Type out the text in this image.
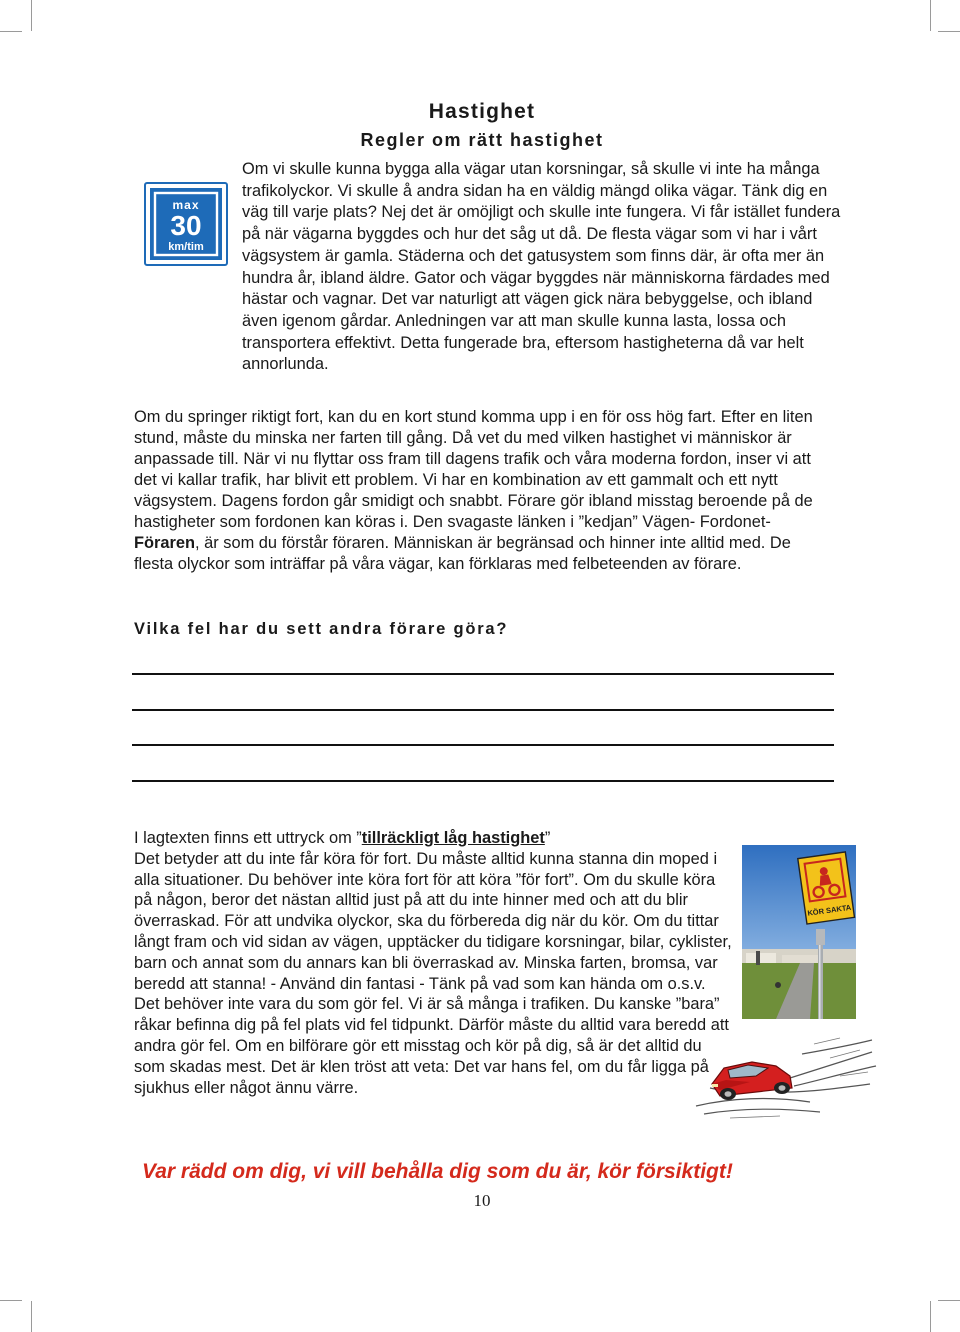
Hastighet
Regler om rätt hastighet
max
30
km/tim

Om vi skulle kunna bygga alla vägar utan korsningar, så skulle vi inte ha många trafikolyckor. Vi skulle å andra sidan ha en väldig mängd olika vägar. Tänk dig en väg till varje plats? Nej det är omöjligt och skulle inte fungera. Vi får istället fundera på när vägarna byggdes och hur det såg ut då. De flesta vägar som vi har i vårt vägsystem är gamla. Städerna och det gatusystem som finns där, är ofta mer än hundra år, ibland äldre. Gator och vägar byggdes när människorna färdades med hästar och vagnar. Det var naturligt att vägen gick nära bebyggelse, och ibland även igenom gårdar. Anledningen var att man skulle kunna lasta, lossa och transportera effektivt. Detta fungerade bra, eftersom hastigheterna då var helt annorlunda.

Om du springer riktigt fort, kan du en kort stund komma upp i en för oss hög fart. Efter en liten stund, måste du minska ner farten till gång. Då vet du med vilken hastighet vi människor är anpassade till. När vi nu flyttar oss fram till dagens trafik och våra moderna fordon, inser vi att det vi kallar trafik, har blivit ett problem. Vi har en kombination av ett gammalt och ett nytt vägsystem. Dagens fordon går smidigt och snabbt. Förare gör ibland misstag beroende på de hastigheter som fordonen kan köras i. Den svagaste länken i ”kedjan” Vägen- Fordonet- Föraren, är som du förstår föraren. Människan är begränsad och hinner inte alltid med. De flesta olyckor som inträffar på våra vägar, kan förklaras med felbeteenden av förare.

Vilka fel har du sett andra förare göra?

I lagtexten finns ett uttryck om ”tillräckligt låg hastighet”
Det betyder att du inte får köra för fort. Du måste alltid kunna stanna din moped i alla situationer. Du behöver inte köra fort för att köra ”för fort”. Om du skulle köra på någon, beror det nästan alltid just på att du inte hinner med och att du blir överraskad. För att undvika olyckor, ska du förbereda dig när du kör. Om du tittar långt fram och vid sidan av vägen, upptäcker du tidigare korsningar, bilar, cyklister, barn och annat som du annars kan bli överraskad av. Minska farten, bromsa, var beredd att stanna! - Använd din fantasi - Tänk på vad som kan hända om o.s.v. Det behöver inte vara du som gör fel. Vi är så många i trafiken. Du kanske ”bara” råkar befinna dig på fel plats vid fel tidpunkt. Därför måste du alltid vara beredd att andra gör fel. Om en bilförare gör ett misstag och kör på dig, så är det alltid du som skadas mest. Det är klen tröst att veta: Det var hans fel, om du får ligga på sjukhus eller något ännu värre.
KÖR SAKTA

Var rädd om dig, vi vill behålla dig som du är, kör försiktigt!

10
